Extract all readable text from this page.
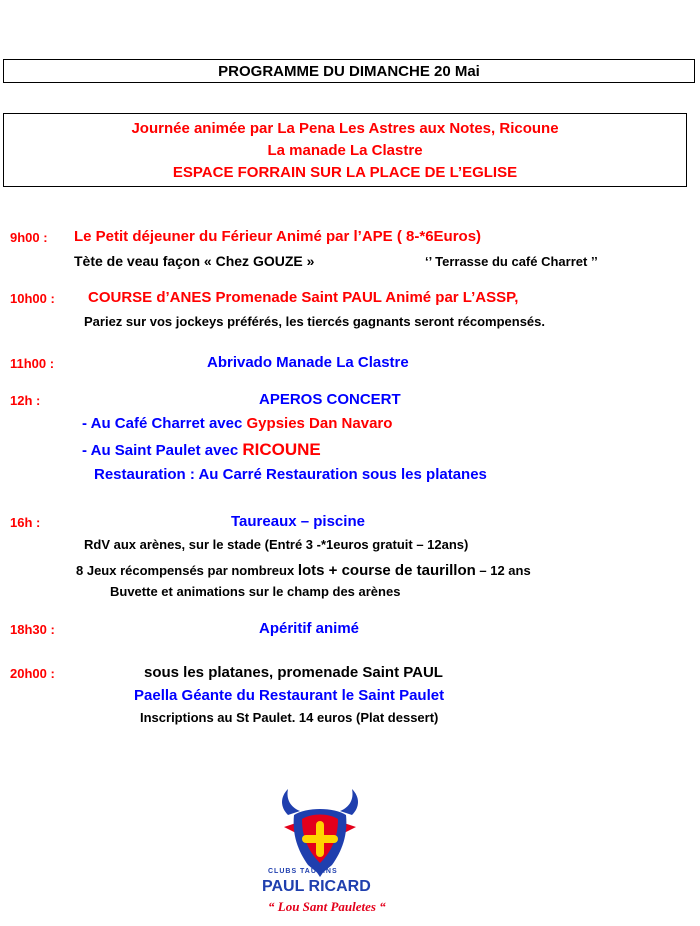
PROGRAMME DU DIMANCHE 20 Mai
Journée animée par La Pena Les Astres aux Notes, Ricoune
La manade La Clastre
ESPACE FORRAIN SUR LA PLACE DE L’EGLISE
9h00 : Le Petit déjeuner du Férieur Animé par l’APE ( 8-*6Euros)
Tète de veau façon « Chez GOUZE »	‘’ Terrasse du café Charret ’’
10h00 : COURSE d’ANES Promenade Saint PAUL Animé par L’ASSP,
Pariez sur vos jockeys préférés, les tiercés gagnants seront récompensés.
11h00 :	Abrivado Manade La Clastre
12h :	APEROS CONCERT
- Au Café Charret avec Gypsies Dan Navaro
- Au Saint Paulet avec RICOUNE
Restauration : Au Carré Restauration sous les platanes
16h :	Taureaux – piscine
RdV aux arènes, sur le stade (Entré 3 -*1euros gratuit – 12ans)
8 Jeux récompensés par nombreux lots + course de taurillon – 12 ans
Buvette et animations sur le champ des arènes
18h30 :	Apéritif animé
20h00 :	sous les platanes, promenade Saint PAUL
Paella Géante du Restaurant le Saint Paulet
Inscriptions au St Paulet. 14 euros (Plat dessert)
CLUBS TAURINS
PAUL RICARD
“ Lou Sant Pauletes “
